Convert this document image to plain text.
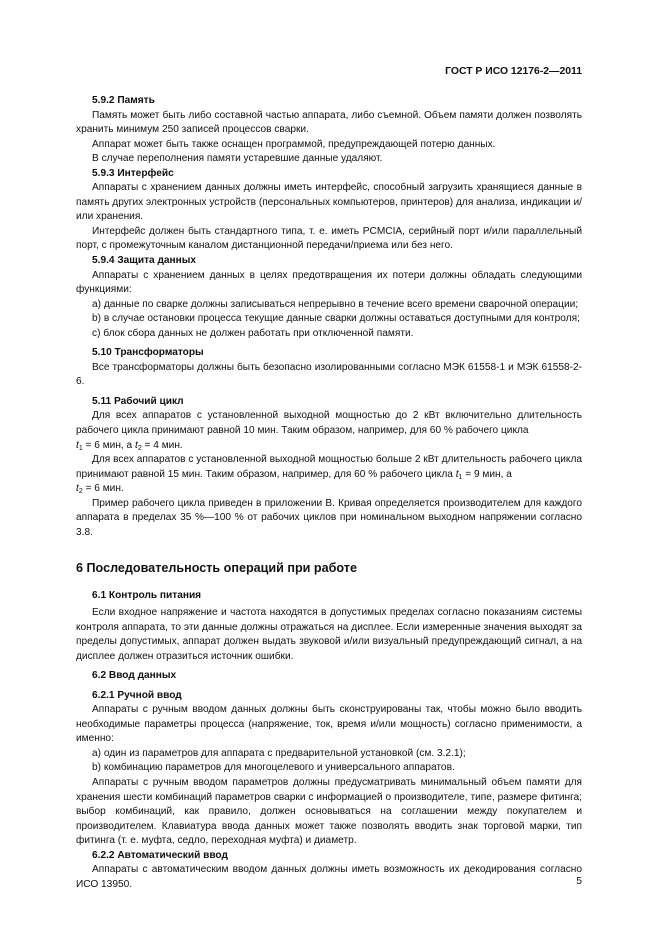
ГОСТ Р ИСО 12176-2—2011

5.9.2 Память

Память может быть либо составной частью аппарата, либо съемной. Объем памяти должен позволять хранить минимум 250 записей процессов сварки.

Аппарат может быть также оснащен программой, предупреждающей потерю данных.

В случае переполнения памяти устаревшие данные удаляют.

5.9.3 Интерфейс

Аппараты с хранением данных должны иметь интерфейс, способный загрузить хранящиеся данные в память других электронных устройств (персональных компьютеров, принтеров) для анализа, индикации и/или хранения.

Интерфейс должен быть стандартного типа, т. е. иметь PCMCIA, серийный порт и/или параллельный порт, с промежуточным каналом дистанционной передачи/приема или без него.

5.9.4 Защита данных

Аппараты с хранением данных в целях предотвращения их потери должны обладать следующими функциями:

a) данные по сварке должны записываться непрерывно в течение всего времени сварочной операции;

b) в случае остановки процесса текущие данные сварки должны оставаться доступными для контроля;

c) блок сбора данных не должен работать при отключенной памяти.

5.10 Трансформаторы

Все трансформаторы должны быть безопасно изолированными согласно МЭК 61558-1 и МЭК 61558-2-6.

5.11 Рабочий цикл

Для всех аппаратов с установленной выходной мощностью до 2 кВт включительно длительность рабочего цикла принимают равной 10 мин. Таким образом, например, для 60 % рабочего цикла
$t_1 = 6$ мин, а $t_2 = 4$ мин.

Для всех аппаратов с установленной выходной мощностью больше 2 кВт длительность рабочего цикла принимают равной 15 мин. Таким образом, например, для 60 % рабочего цикла $t_1 = 9$ мин, а
$t_2 = 6$ мин.

Пример рабочего цикла приведен в приложении В. Кривая определяется производителем для каждого аппарата в пределах 35 %—100 % от рабочих циклов при номинальном выходном напряжении согласно 3.8.

6 Последовательность операций при работе

6.1 Контроль питания

Если входное напряжение и частота находятся в допустимых пределах согласно показаниям системы контроля аппарата, то эти данные должны отражаться на дисплее. Если измеренные значения выходят за пределы допустимых, аппарат должен выдать звуковой и/или визуальный предупреждающий сигнал, а на дисплее должен отразиться источник ошибки.

6.2 Ввод данных

6.2.1 Ручной ввод

Аппараты с ручным вводом данных должны быть сконструированы так, чтобы можно было вводить необходимые параметры процесса (напряжение, ток, время и/или мощность) согласно применимости, а именно:

a) один из параметров для аппарата с предварительной установкой (см. 3.2.1);

b) комбинацию параметров для многоцелевого и универсального аппаратов.

Аппараты с ручным вводом параметров должны предусматривать минимальный объем памяти для хранения шести комбинаций параметров сварки с информацией о производителе, типе, размере фитинга; выбор комбинаций, как правило, должен основываться на соглашении между покупателем и производителем. Клавиатура ввода данных может также позволять вводить знак торговой марки, тип фитинга (т. е. муфта, седло, переходная муфта) и диаметр.

6.2.2 Автоматический ввод

Аппараты с автоматическим вводом данных должны иметь возможность их декодирования согласно ИСО 13950.	5
